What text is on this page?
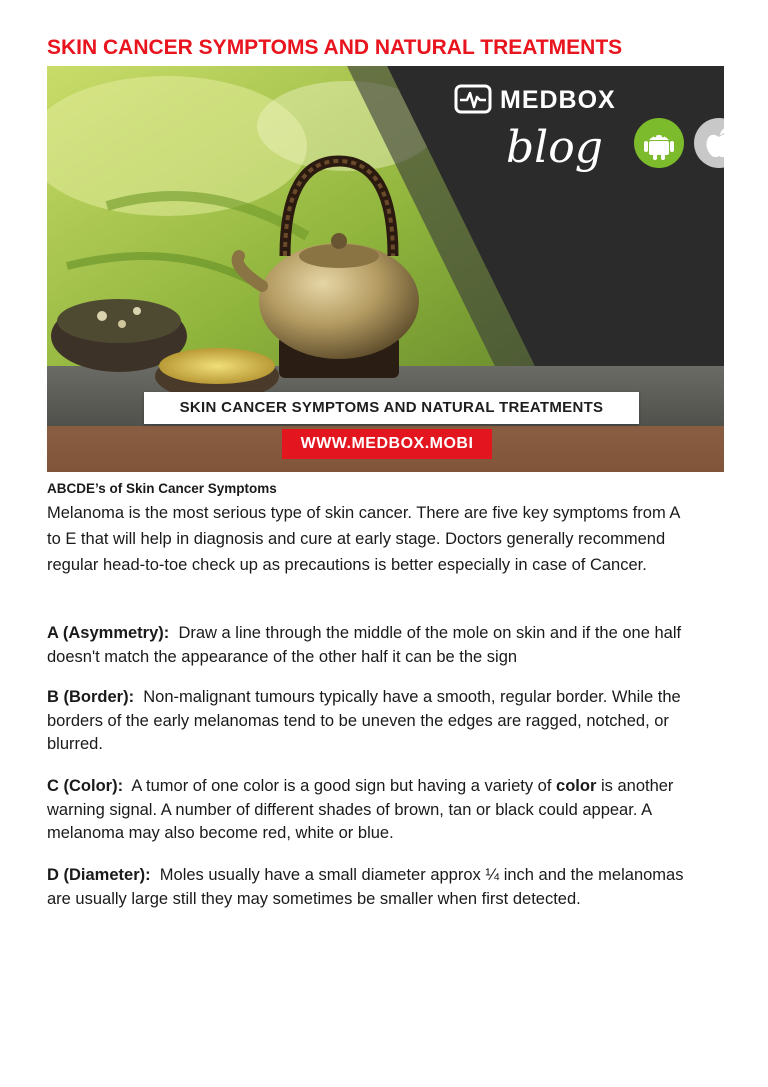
SKIN CANCER SYMPTOMS AND NATURAL TREATMENTS
MEDBOX
blog
SKIN CANCER SYMPTOMS AND NATURAL TREATMENTS
WWW.MEDBOX.MOBI
ABCDE’s of Skin Cancer Symptoms

Melanoma is the most serious type of skin cancer. There are five key symptoms from A to E that will help in diagnosis and cure at early stage. Doctors generally recommend regular head-to-toe check up as precautions is better especially in case of Cancer.

A (Asymmetry): Draw a line through the middle of the mole on skin and if the one half doesn't match the appearance of the other half it can be the sign

B (Border): Non-malignant tumours typically have a smooth, regular border. While the borders of the early melanomas tend to be uneven the edges are ragged, notched, or blurred.

C (Color): A tumor of one color is a good sign but having a variety of color is another warning signal. A number of different shades of brown, tan or black could appear. A melanoma may also become red, white or blue.

D (Diameter): Moles usually have a small diameter approx ¼ inch and the melanomas are usually large still they may sometimes be smaller when first detected.
